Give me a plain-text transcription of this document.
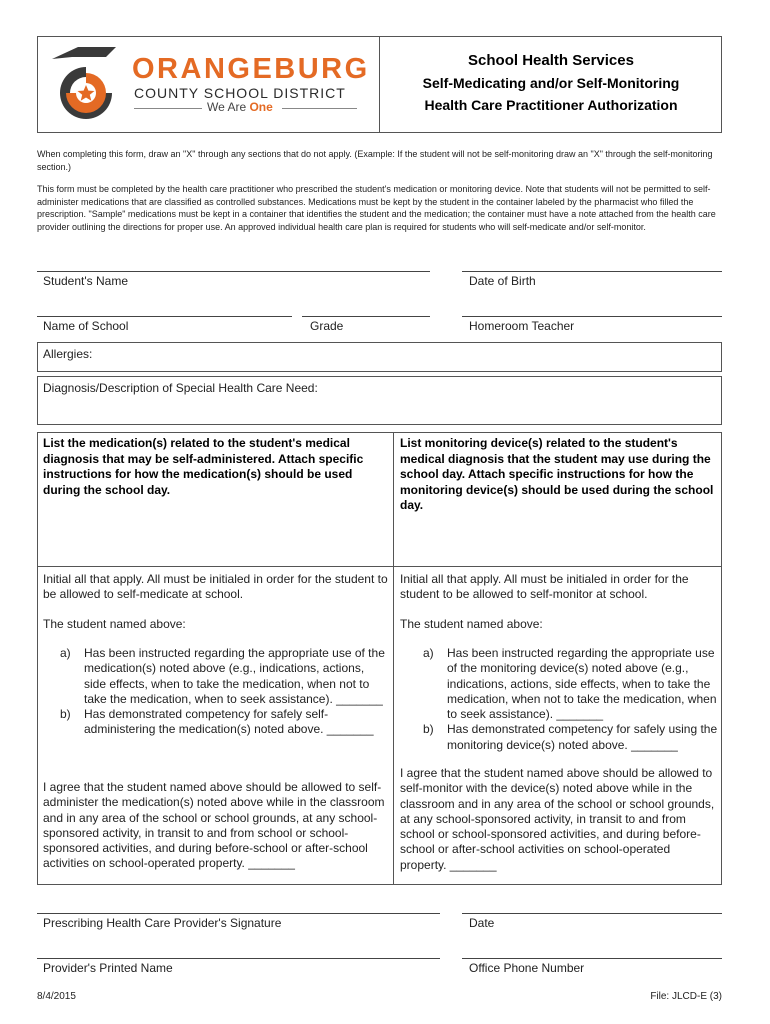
ORANGEBURG
COUNTY SCHOOL DISTRICT
We Are One
School Health Services
Self-Medicating and/or Self-Monitoring
Health Care Practitioner Authorization
When completing this form, draw an "X" through any sections that do not apply. (Example: If the student will not be self-monitoring draw an "X" through the self-monitoring section.)
This form must be completed by the health care practitioner who prescribed the student's medication or monitoring device. Note that students will not be permitted to self-administer medications that are classified as controlled substances. Medications must be kept by the student in the container labeled by the pharmacist who filled the prescription. "Sample" medications must be kept in a container that identifies the student and the medication; the container must have a note attached from the health care provider outlining the directions for proper use. An approved individual health care plan is required for students who will self-medicate and/or self-monitor.
Student's Name	Date of Birth
Name of School	Grade	Homeroom Teacher
Allergies:
Diagnosis/Description of Special Health Care Need:
List the medication(s) related to the student's medical diagnosis that may be self-administered. Attach specific instructions for how the medication(s) should be used during the school day.
Initial all that apply. All must be initialed in order for the student to be allowed to self-medicate at school.
The student named above:
a) Has been instructed regarding the appropriate use of the medication(s) noted above (e.g., indications, actions, side effects, when to take the medication, when not to take the medication, when to seek assistance). _______
b) Has demonstrated competency for safely self-administering the medication(s) noted above. _______
I agree that the student named above should be allowed to self-administer the medication(s) noted above while in the classroom and in any area of the school or school grounds, at any school-sponsored activity, in transit to and from school or school-sponsored activities, and during before-school or after-school activities on school-operated property. _______
List monitoring device(s) related to the student's medical diagnosis that the student may use during the school day. Attach specific instructions for how the monitoring device(s) should be used during the school day.
Initial all that apply. All must be initialed in order for the student to be allowed to self-monitor at school.
The student named above:
a) Has been instructed regarding the appropriate use of the monitoring device(s) noted above (e.g., indications, actions, side effects, when to take the medication, when not to take the medication, when to seek assistance). _______
b) Has demonstrated competency for safely using the monitoring device(s) noted above. _______
I agree that the student named above should be allowed to self-monitor with the device(s) noted above while in the classroom and in any area of the school or school grounds, at any school-sponsored activity, in transit to and from school or school-sponsored activities, and during before-school or after-school activities on school-operated property. _______
Prescribing Health Care Provider's Signature	Date
Provider's Printed Name	Office Phone Number
8/4/2015	File: JLCD-E (3)
